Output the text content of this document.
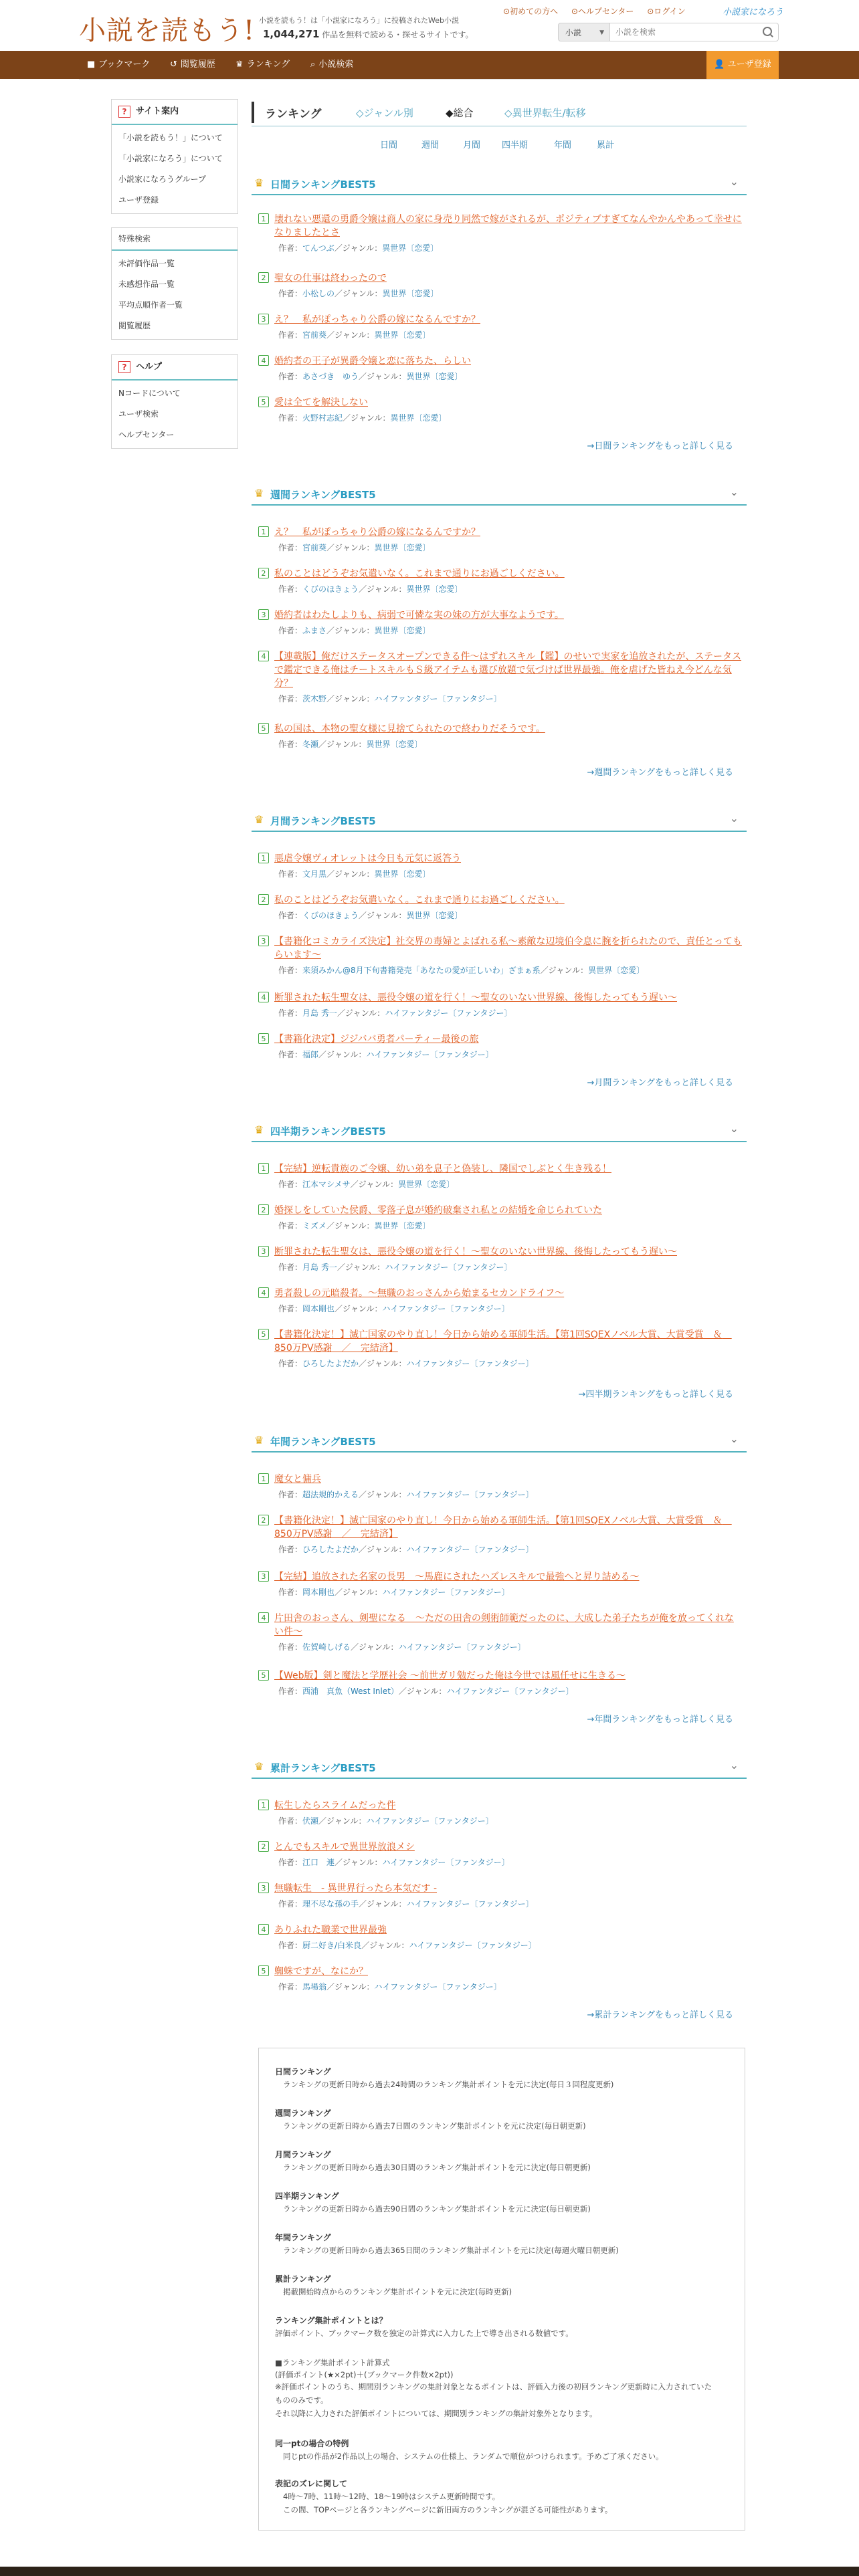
小説を読もう! 小説を読もう！は「小説家になろう」に投稿されたWeb小説
1,044,271 作品を無料で読める・探せるサイトです。
⊙初めての方へ ⊙ヘルプセンター ⊙ログイン	小説家になろう
小説 ▼
小説を検索
■ ブックマーク ↺ 閲覧履歴 ♛ ランキング ⌕ 小説検索	👤 ユーザ登録
?	サイト案内
「小説を読もう！」について
「小説家になろう」について
小説家になろうグループ
ユーザ登録
特殊検索
未評価作品一覧
未感想作品一覧
平均点順作者一覧
閲覧履歴
?	ヘルプ
Nコードについて
ユーザ検索
ヘルプセンター
ランキング	◇ジャンル別	◆総合	◇異世界転生/転移
日間	週間	月間 四半期	年間	累計
♛ 日間ランキングBEST5	⌄
1 壊れない悪還の勇爵令嬢は商人の家に身売り同然で嫁がされるが、ポジティブすぎてなんやかんやあって幸せになりましたとさ
作者：てんつぶ／ジャンル：異世界〔恋愛〕
2 聖女の仕事は終わったので
作者：小松しの／ジャンル：異世界〔恋愛〕
3 え？　私がぽっちゃり公爵の嫁になるんですか？
作者：宮前葵／ジャンル：異世界〔恋愛〕
4 婚約者の王子が異爵令嬢と恋に落ちた、らしい
作者：あさづき　ゆう／ジャンル：異世界〔恋愛〕
5 愛は全てを解決しない
作者：火野村志紀／ジャンル：異世界〔恋愛〕
→日間ランキングをもっと詳しく見る
♛ 週間ランキングBEST5	⌄
1 え？　私がぽっちゃり公爵の嫁になるんですか？
作者：宮前葵／ジャンル：異世界〔恋愛〕
2 私のことはどうぞお気遣いなく。これまで通りにお過ごしください。
作者：くびのほきょう／ジャンル：異世界〔恋愛〕
3 婚約者はわたしよりも、病弱で可憐な実の妹の方が大事なようです。
作者：ふまさ／ジャンル：異世界〔恋愛〕
4 【連載版】俺だけステータスオープンできる件～はずれスキル【鑑】のせいで実家を追放されたが、ステータスで鑑定できる俺はチートスキルもＳ級アイテムも選び放題で気づけば世界最強。俺を虐げた皆ねえ今どんな気分？
作者：茨木野／ジャンル：ハイファンタジー〔ファンタジー〕
5 私の国は、本物の聖女様に見捨てられたので終わりだそうです。
作者：冬瀬／ジャンル：異世界〔恋愛〕
→週間ランキングをもっと詳しく見る
♛ 月間ランキングBEST5	⌄
1 悪虐令嬢ヴィオレットは今日も元気に返答う
作者：文月黒／ジャンル：異世界〔恋愛〕
2 私のことはどうぞお気遣いなく。これまで通りにお過ごしください。
作者：くびのほきょう／ジャンル：異世界〔恋愛〕
3 【書籍化コミカライズ決定】社交界の毒婦とよばれる私～素敵な辺境伯令息に腕を折られたので、責任とってもらいます～
作者：来須みかん@8月下旬書籍発売「あなたの愛が正しいわ」ざまぁ系／ジャンル：異世界〔恋愛〕
4 断罪された転生聖女は、悪役令嬢の道を行く！～聖女のいない世界線、後悔したってもう遅い～
作者：月島 秀一／ジャンル：ハイファンタジー〔ファンタジー〕
5 【書籍化決定】ジジババ勇者パーティー最後の旅
作者：福郎／ジャンル：ハイファンタジー〔ファンタジー〕
→月間ランキングをもっと詳しく見る
♛ 四半期ランキングBEST5	⌄
1 【完結】逆転貴族のご令嬢、幼い弟を息子と偽装し、隣国でしぶとく生き残る！
作者：江本マシメサ／ジャンル：異世界〔恋愛〕
2 婚探しをしていた侯爵、零落子息が婚約破棄され私との結婚を命じられていた
作者：ミズメ／ジャンル：異世界〔恋愛〕
3 断罪された転生聖女は、悪役令嬢の道を行く！～聖女のいない世界線、後悔したってもう遅い～
作者：月島 秀一／ジャンル：ハイファンタジー〔ファンタジー〕
4 勇者殺しの元暗殺者。～無職のおっさんから始まるセカンドライフ～
作者：岡本剛也／ジャンル：ハイファンタジー〔ファンタジー〕
5 【書籍化決定！】滅亡国家のやり直し！今日から始める軍師生活。【第1回SQEXノベル大賞、大賞受賞　＆　850万PV感謝　／　完結済】
作者：ひろしたよだか／ジャンル：ハイファンタジー〔ファンタジー〕
→四半期ランキングをもっと詳しく見る
♛ 年間ランキングBEST5	⌄
1 魔女と傭兵
作者：超法規的かえる／ジャンル：ハイファンタジー〔ファンタジー〕
2 【書籍化決定！】滅亡国家のやり直し！今日から始める軍師生活。【第1回SQEXノベル大賞、大賞受賞　＆　850万PV感謝　／　完結済】
作者：ひろしたよだか／ジャンル：ハイファンタジー〔ファンタジー〕
3 【完結】追放された名家の長男　～馬鹿にされたハズレスキルで最強へと昇り詰める～
作者：岡本剛也／ジャンル：ハイファンタジー〔ファンタジー〕
4 片田舎のおっさん、剣聖になる　～ただの田舎の剣術師範だったのに、大成した弟子たちが俺を放ってくれない件～
作者：佐賀崎しげる／ジャンル：ハイファンタジー〔ファンタジー〕
5 【Web版】剣と魔法と学歴社会 ～前世ガリ勉だった俺は今世では風任せに生きる～
作者：西浦　真魚（West Inlet）／ジャンル：ハイファンタジー〔ファンタジー〕
→年間ランキングをもっと詳しく見る
♛ 累計ランキングBEST5	⌄
1 転生したらスライムだった件
作者：伏瀬／ジャンル：ハイファンタジー〔ファンタジー〕
2 とんでもスキルで異世界放浪メシ
作者：江口　連／ジャンル：ハイファンタジー〔ファンタジー〕
3 無職転生　- 異世界行ったら本気だす -
作者：理不尽な孫の手／ジャンル：ハイファンタジー〔ファンタジー〕
4 ありふれた職業で世界最強
作者：厨二好き/白米良／ジャンル：ハイファンタジー〔ファンタジー〕
5 蜘蛛ですが、なにか？
作者：馬場翁／ジャンル：ハイファンタジー〔ファンタジー〕
→累計ランキングをもっと詳しく見る
日間ランキング
ランキングの更新日時から過去24時間のランキング集計ポイントを元に決定(毎日３回程度更新)
週間ランキング
ランキングの更新日時から過去7日間のランキング集計ポイントを元に決定(毎日朝更新)
月間ランキング
ランキングの更新日時から過去30日間のランキング集計ポイントを元に決定(毎日朝更新)
四半期ランキング
ランキングの更新日時から過去90日間のランキング集計ポイントを元に決定(毎日朝更新)
年間ランキング
ランキングの更新日時から過去365日間のランキング集計ポイントを元に決定(毎週火曜日朝更新)
累計ランキング
掲載開始時点からのランキング集計ポイントを元に決定(毎時更新)
ランキング集計ポイントとは？
評価ポイント、ブックマーク数を独定の計算式に入力した上で導き出される数値です。
■ランキング集計ポイント計算式
(評価ポイント(★×2pt)＋(ブックマーク件数×2pt))
※評価ポイントのうち、期間別ランキングの集計対象となるポイントは、評価入力後の初回ランキング更新時に入力されていたもののみです。
それ以降に入力された評価ポイントについては、期間別ランキングの集計対象外となります。
同一ptの場合の特例
同じptの作品が2作品以上の場合、システムの仕様上、ランダムで順位がつけられます。予めご了承ください。
表記のズレに関して
4時〜7時、11時〜12時、18〜19時はシステム更新時間です。
この間、TOPページと各ランキングページに新旧両方のランキングが混ざる可能性があります。
